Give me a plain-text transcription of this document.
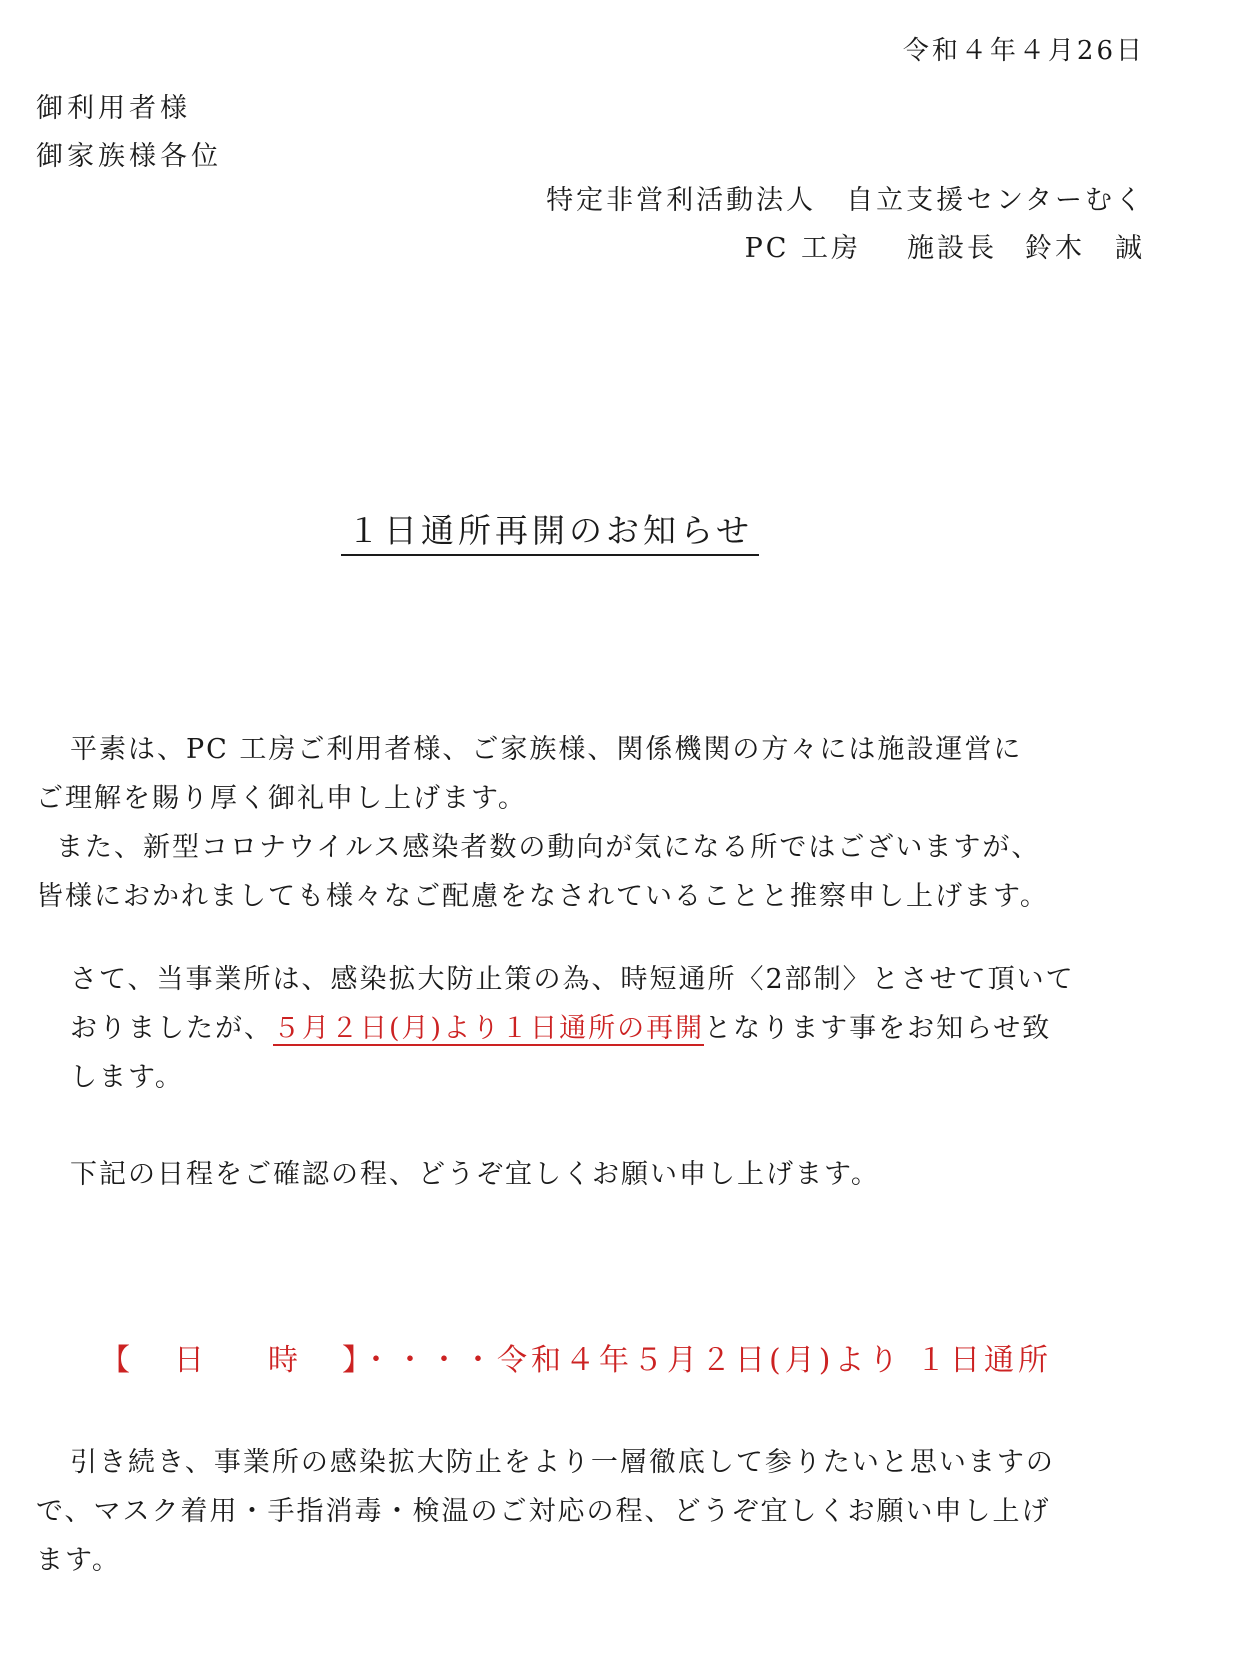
令和４年４月26日
御利用者様
御家族様各位
特定非営利活動法人　自立支援センターむく
PC 工房 施設長 鈴木　誠
１日通所再開のお知らせ
平素は、PC 工房ご利用者様、ご家族様、関係機関の方々には施設運営に
ご理解を賜り厚く御礼申し上げます。
また、新型コロナウイルス感染者数の動向が気になる所ではございますが、
皆様におかれましても様々なご配慮をなされていることと推察申し上げます。
さて、当事業所は、感染拡大防止策の為、時短通所〈2部制〉とさせて頂いておりましたが、５月２日(月)より１日通所の再開となります事をお知らせ致します。
下記の日程をご確認の程、どうぞ宜しくお願い申し上げます。
【 日 時 】・・・・令和４年５月２日(月)より １日通所
引き続き、事業所の感染拡大防止をより一層徹底して参りたいと思いますの
で、マスク着用・手指消毒・検温のご対応の程、どうぞ宜しくお願い申し上げます。
